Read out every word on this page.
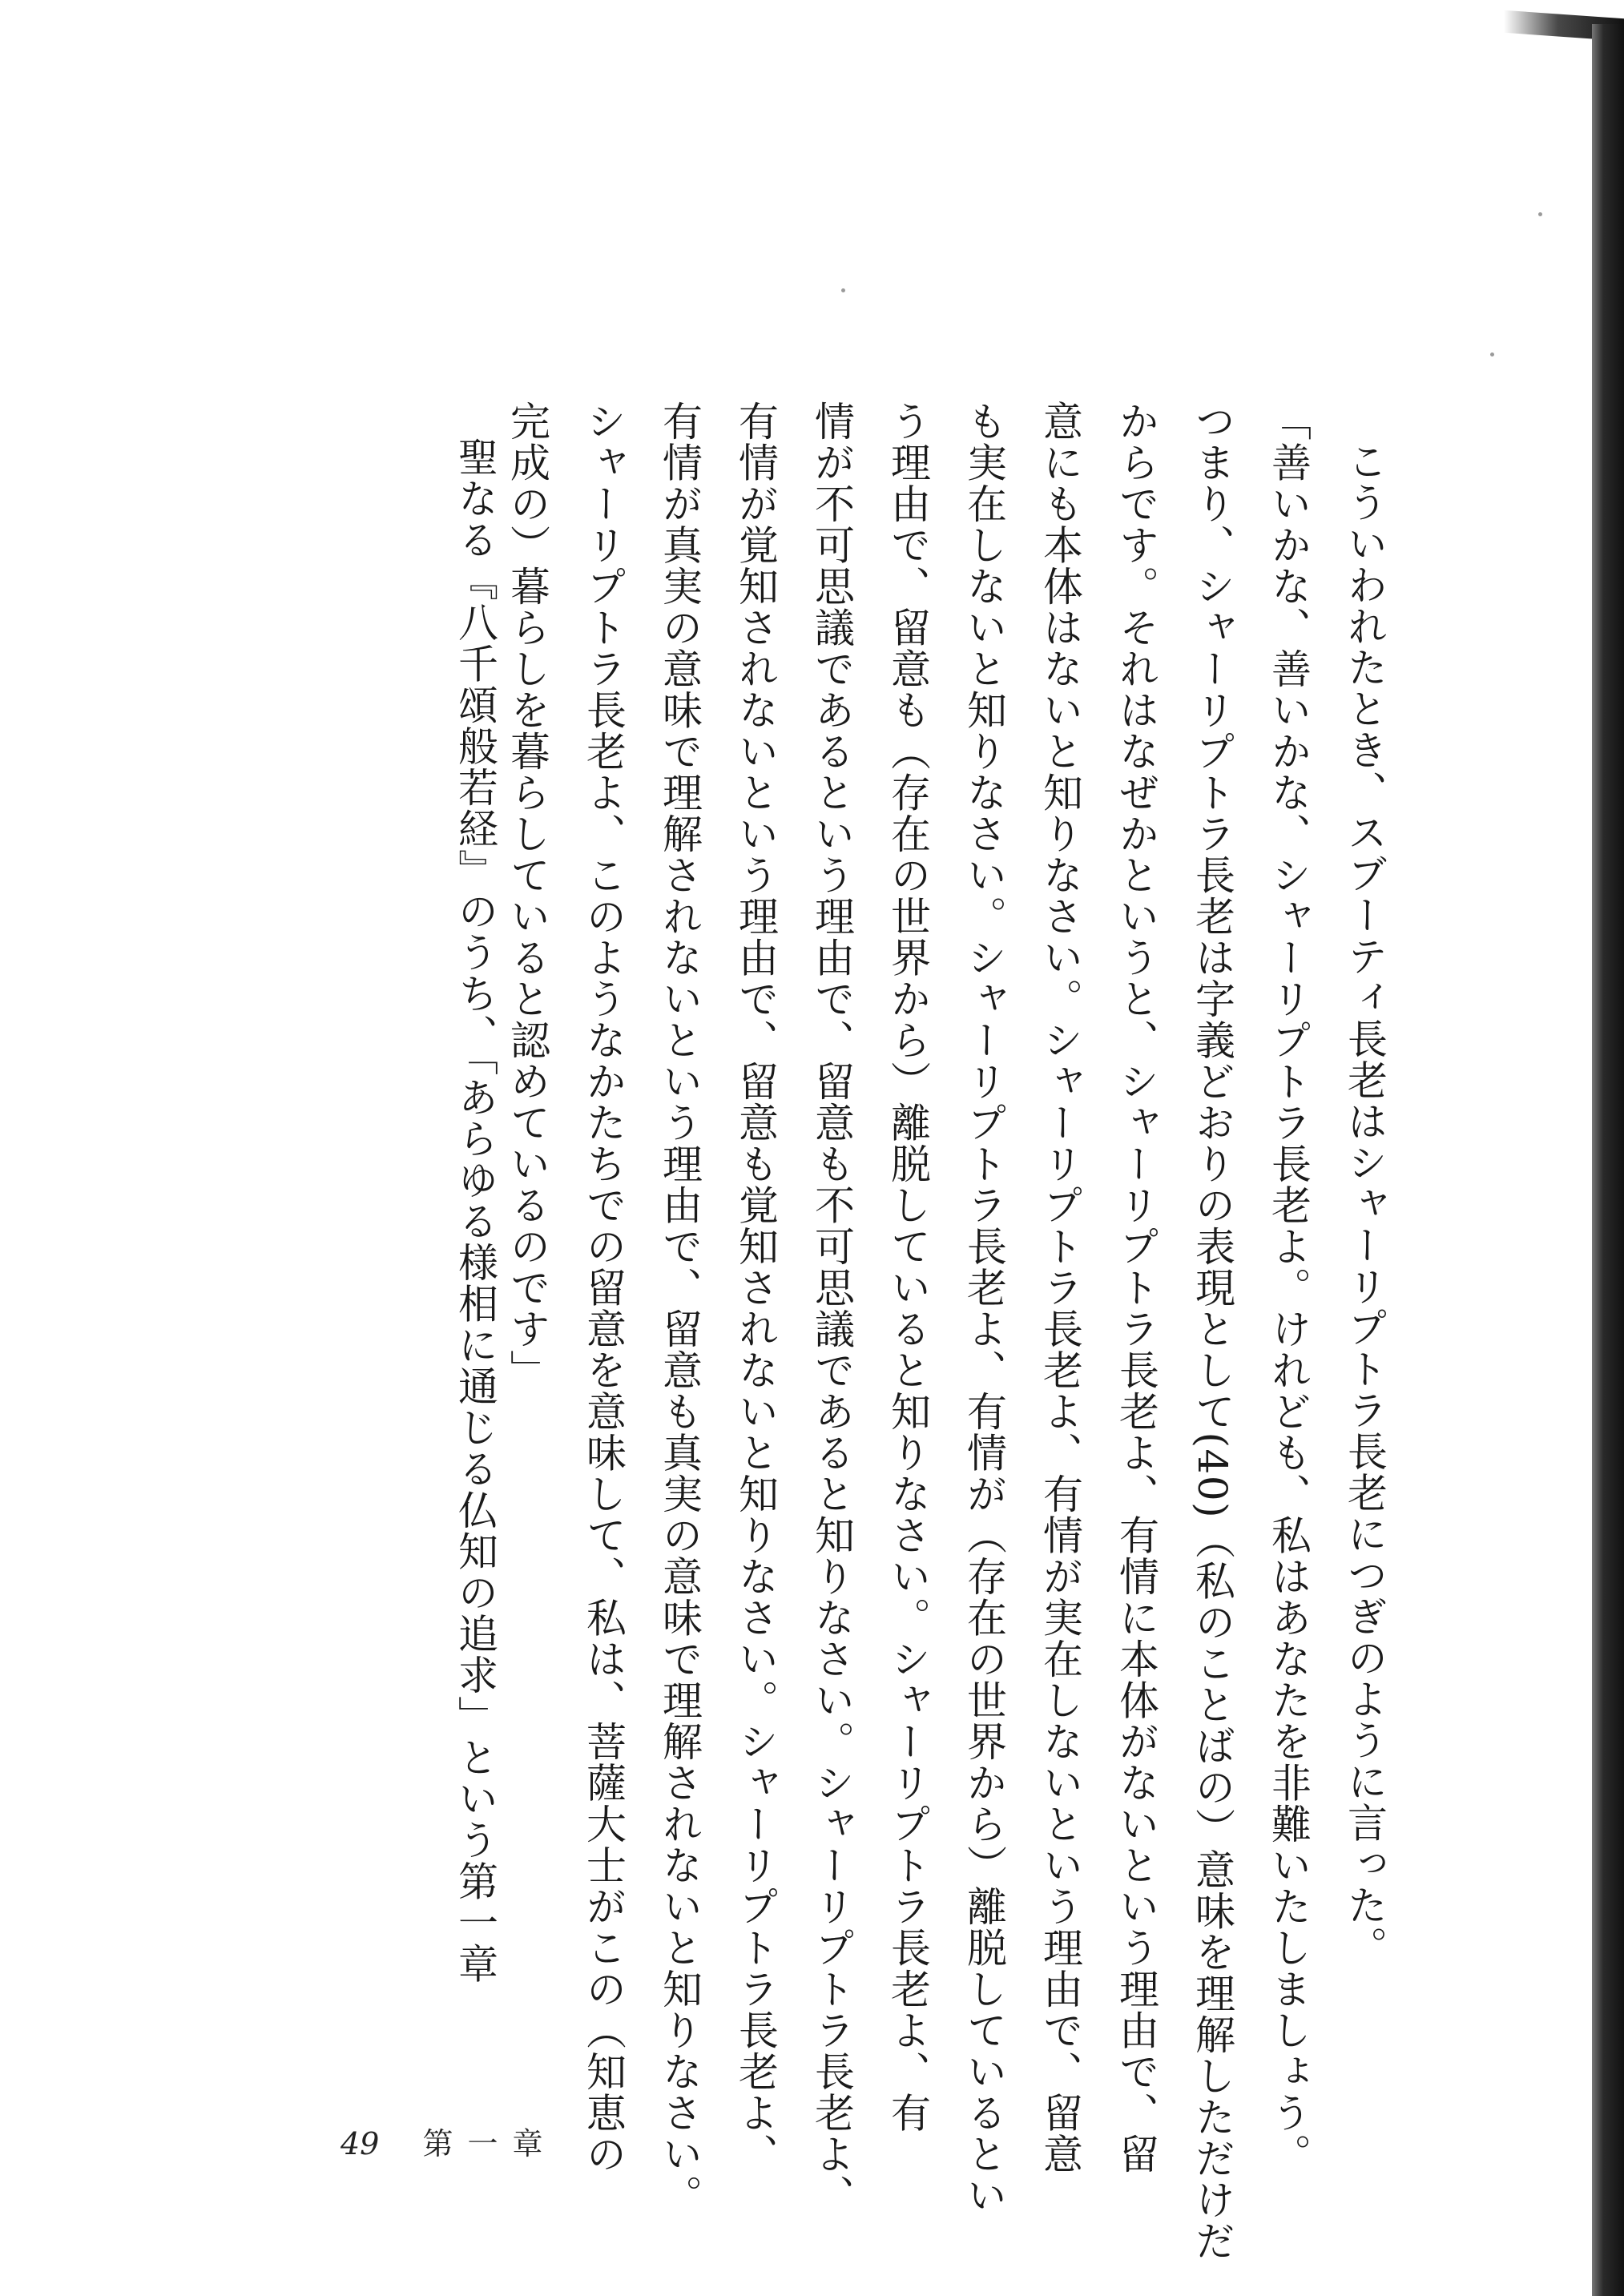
こういわれたとき、スブーティ長老はシャーリプトラ長老につぎのように言った。
「善いかな、善いかな、シャーリプトラ長老よ。けれども、私はあなたを非難いたしましょう。
つまり、シャーリプトラ長老は字義どおりの表現として(40)（私のことばの）意味を理解しただけだ
からです。それはなぜかというと、シャーリプトラ長老よ、有情に本体がないという理由で、留
意にも本体はないと知りなさい。シャーリプトラ長老よ、有情が実在しないという理由で、留意
も実在しないと知りなさい。シャーリプトラ長老よ、有情が（存在の世界から）離脱しているとい
う理由で、留意も（存在の世界から）離脱していると知りなさい。シャーリプトラ長老よ、有
情が不可思議であるという理由で、留意も不可思議であると知りなさい。シャーリプトラ長老よ、
有情が覚知されないという理由で、留意も覚知されないと知りなさい。シャーリプトラ長老よ、
有情が真実の意味で理解されないという理由で、留意も真実の意味で理解されないと知りなさい。
シャーリプトラ長老よ、このようなかたちでの留意を意味して、私は、菩薩大士がこの（知恵の
完成の）暮らしを暮らしていると認めているのです」
聖なる『八千頌般若経』のうち、「あらゆる様相に通じる仏知の追求」という第一章
49 第一章
